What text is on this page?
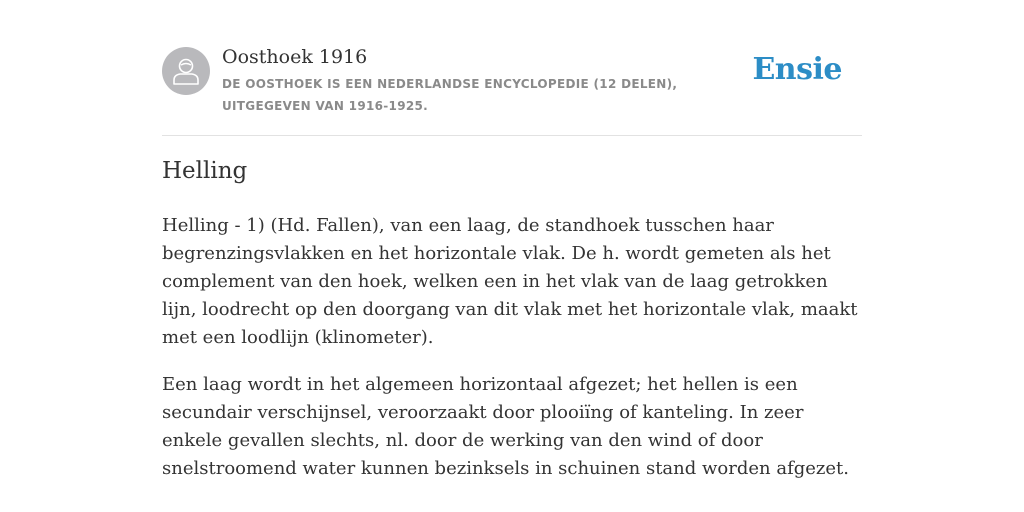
Oosthoek 1916
DE OOSTHOEK IS EEN NEDERLANDSE ENCYCLOPEDIE (12 DELEN), UITGEGEVEN VAN 1916-1925.
Ensie
Helling

Helling - 1) (Hd. Fallen), van een laag, de standhoek tusschen haar begrenzingsvlakken en het horizontale vlak. De h. wordt gemeten als het complement van den hoek, welken een in het vlak van de laag getrokken lijn, loodrecht op den doorgang van dit vlak met het horizontale vlak, maakt met een loodlijn (klinometer).

Een laag wordt in het algemeen horizontaal afgezet; het hellen is een secundair verschijnsel, veroorzaakt door plooiïng of kanteling. In zeer enkele gevallen slechts, nl. door de werking van den wind of door snelstroomend water kunnen bezinksels in schuinen stand worden afgezet.
